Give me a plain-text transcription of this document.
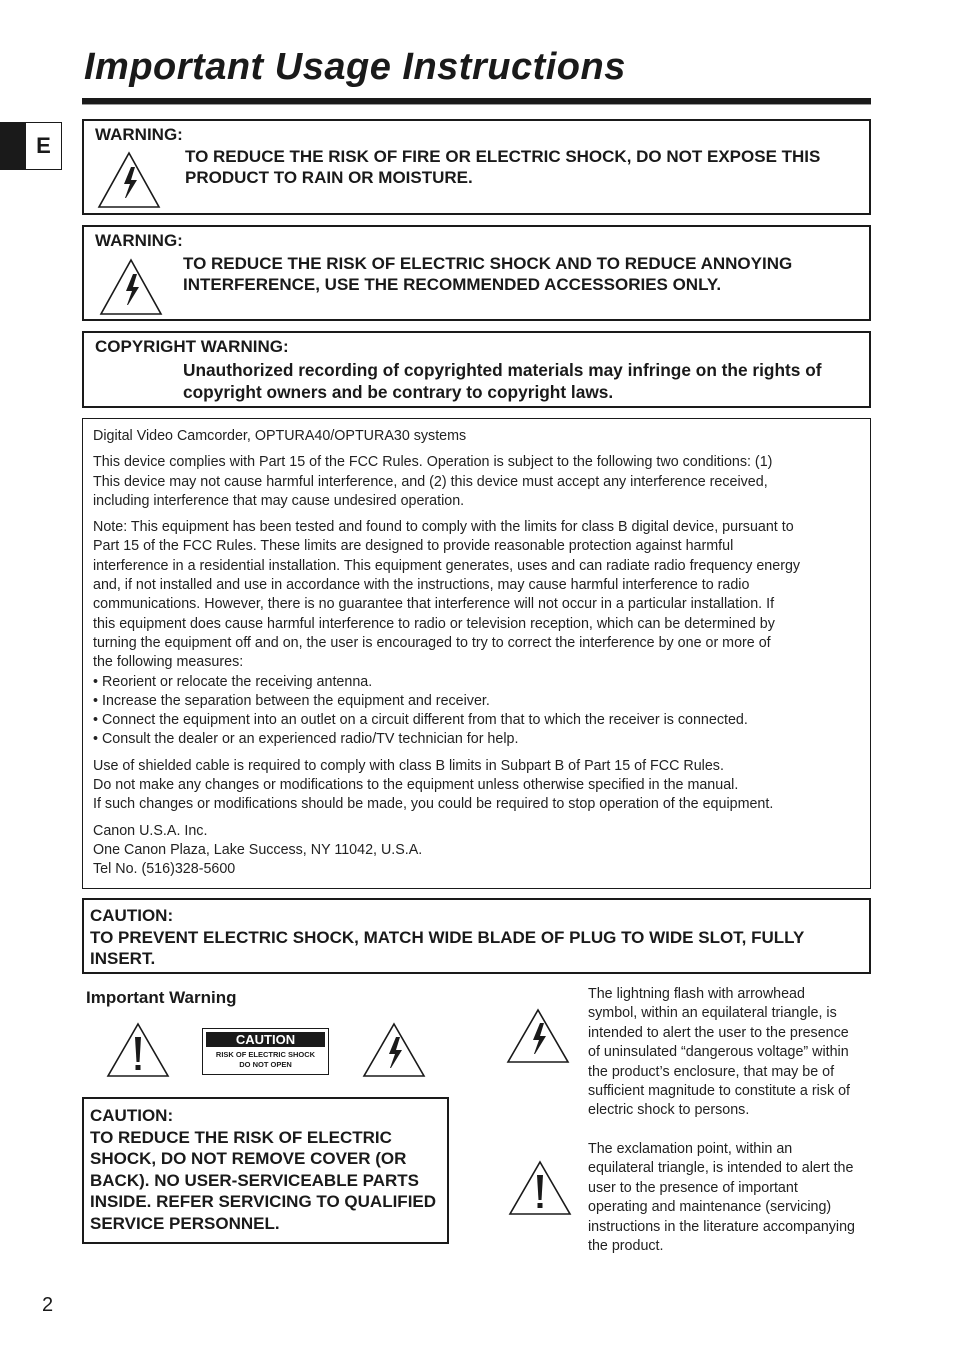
Important Usage Instructions
E	WARNING:
TO REDUCE THE RISK OF FIRE OR ELECTRIC SHOCK, DO NOT EXPOSE THIS
PRODUCT TO RAIN OR MOISTURE.
WARNING:
TO REDUCE THE RISK OF ELECTRIC SHOCK AND TO REDUCE ANNOYING
INTERFERENCE, USE THE RECOMMENDED ACCESSORIES ONLY.
COPYRIGHT WARNING:
Unauthorized recording of copyrighted materials may infringe on the rights of
copyright owners and be contrary to copyright laws.

Digital Video Camcorder, OPTURA40/OPTURA30 systems

This device complies with Part 15 of the FCC Rules. Operation is subject to the following two conditions: (1)
This device may not cause harmful interference, and (2) this device must accept any interference received,
including interference that may cause undesired operation.

Note: This equipment has been tested and found to comply with the limits for class B digital device, pursuant to
Part 15 of the FCC Rules. These limits are designed to provide reasonable protection against harmful
interference in a residential installation. This equipment generates, uses and can radiate radio frequency energy
and, if not installed and use in accordance with the instructions, may cause harmful interference to radio
communications. However, there is no guarantee that interference will not occur in a particular installation. If
this equipment does cause harmful interference to radio or television reception, which can be determined by
turning the equipment off and on, the user is encouraged to try to correct the interference by one or more of
the following measures:
• Reorient or relocate the receiving antenna.
• Increase the separation between the equipment and receiver.
• Connect the equipment into an outlet on a circuit different from that to which the receiver is connected.
• Consult the dealer or an experienced radio/TV technician for help.

Use of shielded cable is required to comply with class B limits in Subpart B of Part 15 of FCC Rules.
Do not make any changes or modifications to the equipment unless otherwise specified in the manual.
If such changes or modifications should be made, you could be required to stop operation of the equipment.

Canon U.S.A. Inc.
One Canon Plaza, Lake Success, NY 11042, U.S.A.
Tel No. (516)328-5600

CAUTION:
TO PREVENT ELECTRIC SHOCK, MATCH WIDE BLADE OF PLUG TO WIDE SLOT, FULLY
INSERT.
Important Warning
CAUTION
RISK OF ELECTRIC SHOCK
DO NOT OPEN
CAUTION:
TO REDUCE THE RISK OF ELECTRIC
SHOCK, DO NOT REMOVE COVER (OR
BACK). NO USER-SERVICEABLE PARTS
INSIDE. REFER SERVICING TO QUALIFIED
SERVICE PERSONNEL.
The lightning flash with arrowhead
symbol, within an equilateral triangle, is
intended to alert the user to the presence
of uninsulated “dangerous voltage” within
the product’s enclosure, that may be of
sufficient magnitude to constitute a risk of
electric shock to persons.
The exclamation point, within an
equilateral triangle, is intended to alert the
user to the presence of important
operating and maintenance (servicing)
instructions in the literature accompanying
the product.
2
